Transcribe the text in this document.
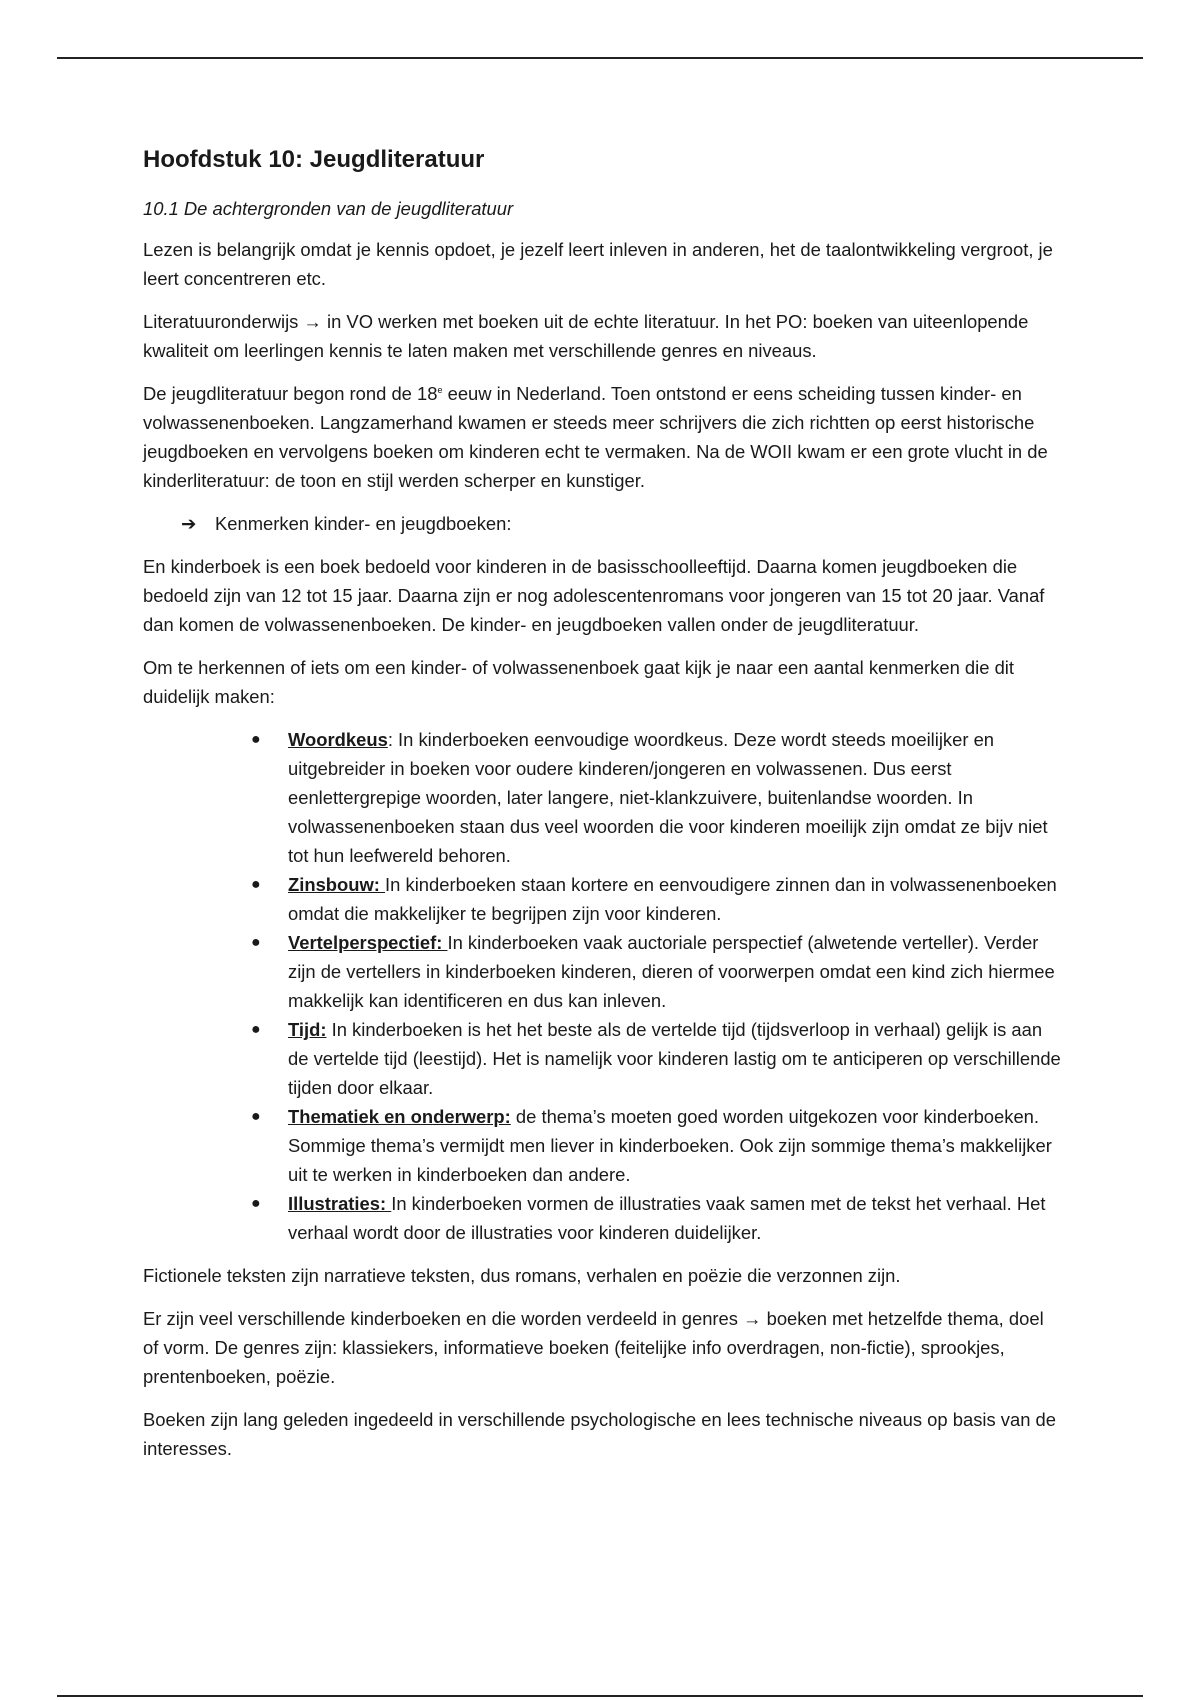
Hoofdstuk 10: Jeugdliteratuur

10.1 De achtergronden van de jeugdliteratuur

Lezen is belangrijk omdat je kennis opdoet, je jezelf leert inleven in anderen, het de taalontwikkeling vergroot, je leert concentreren etc.

Literatuuronderwijs → in VO werken met boeken uit de echte literatuur. In het PO: boeken van uiteenlopende kwaliteit om leerlingen kennis te laten maken met verschillende genres en niveaus.

De jeugdliteratuur begon rond de 18e eeuw in Nederland. Toen ontstond er eens scheiding tussen kinder- en volwassenenboeken. Langzamerhand kwamen er steeds meer schrijvers die zich richtten op eerst historische jeugdboeken en vervolgens boeken om kinderen echt te vermaken. Na de WOII kwam er een grote vlucht in de kinderliteratuur: de toon en stijl werden scherper en kunstiger.

➔	Kenmerken kinder- en jeugdboeken:

En kinderboek is een boek bedoeld voor kinderen in de basisschoolleeftijd. Daarna komen jeugdboeken die bedoeld zijn van 12 tot 15 jaar. Daarna zijn er nog adolescentenromans voor jongeren van 15 tot 20 jaar. Vanaf dan komen de volwassenenboeken. De kinder- en jeugdboeken vallen onder de jeugdliteratuur.

Om te herkennen of iets om een kinder- of volwassenenboek gaat kijk je naar een aantal kenmerken die dit duidelijk maken:

● Woordkeus: In kinderboeken eenvoudige woordkeus. Deze wordt steeds moeilijker en uitgebreider in boeken voor oudere kinderen/jongeren en volwassenen. Dus eerst eenlettergrepige woorden, later langere, niet-klankzuivere, buitenlandse woorden. In volwassenenboeken staan dus veel woorden die voor kinderen moeilijk zijn omdat ze bijv niet tot hun leefwereld behoren.
● Zinsbouw: In kinderboeken staan kortere en eenvoudigere zinnen dan in volwassenenboeken omdat die makkelijker te begrijpen zijn voor kinderen.
● Vertelperspectief: In kinderboeken vaak auctoriale perspectief (alwetende verteller). Verder zijn de vertellers in kinderboeken kinderen, dieren of voorwerpen omdat een kind zich hiermee makkelijk kan identificeren en dus kan inleven.
● Tijd: In kinderboeken is het het beste als de vertelde tijd (tijdsverloop in verhaal) gelijk is aan de vertelde tijd (leestijd). Het is namelijk voor kinderen lastig om te anticiperen op verschillende tijden door elkaar.
● Thematiek en onderwerp: de thema’s moeten goed worden uitgekozen voor kinderboeken. Sommige thema’s vermijdt men liever in kinderboeken. Ook zijn sommige thema’s makkelijker uit te werken in kinderboeken dan andere.
● Illustraties: In kinderboeken vormen de illustraties vaak samen met de tekst het verhaal. Het verhaal wordt door de illustraties voor kinderen duidelijker.

Fictionele teksten zijn narratieve teksten, dus romans, verhalen en poëzie die verzonnen zijn.

Er zijn veel verschillende kinderboeken en die worden verdeeld in genres → boeken met hetzelfde thema, doel of vorm. De genres zijn: klassiekers, informatieve boeken (feitelijke info overdragen, non-fictie), sprookjes, prentenboeken, poëzie.

Boeken zijn lang geleden ingedeeld in verschillende psychologische en lees technische niveaus op basis van de interesses.
